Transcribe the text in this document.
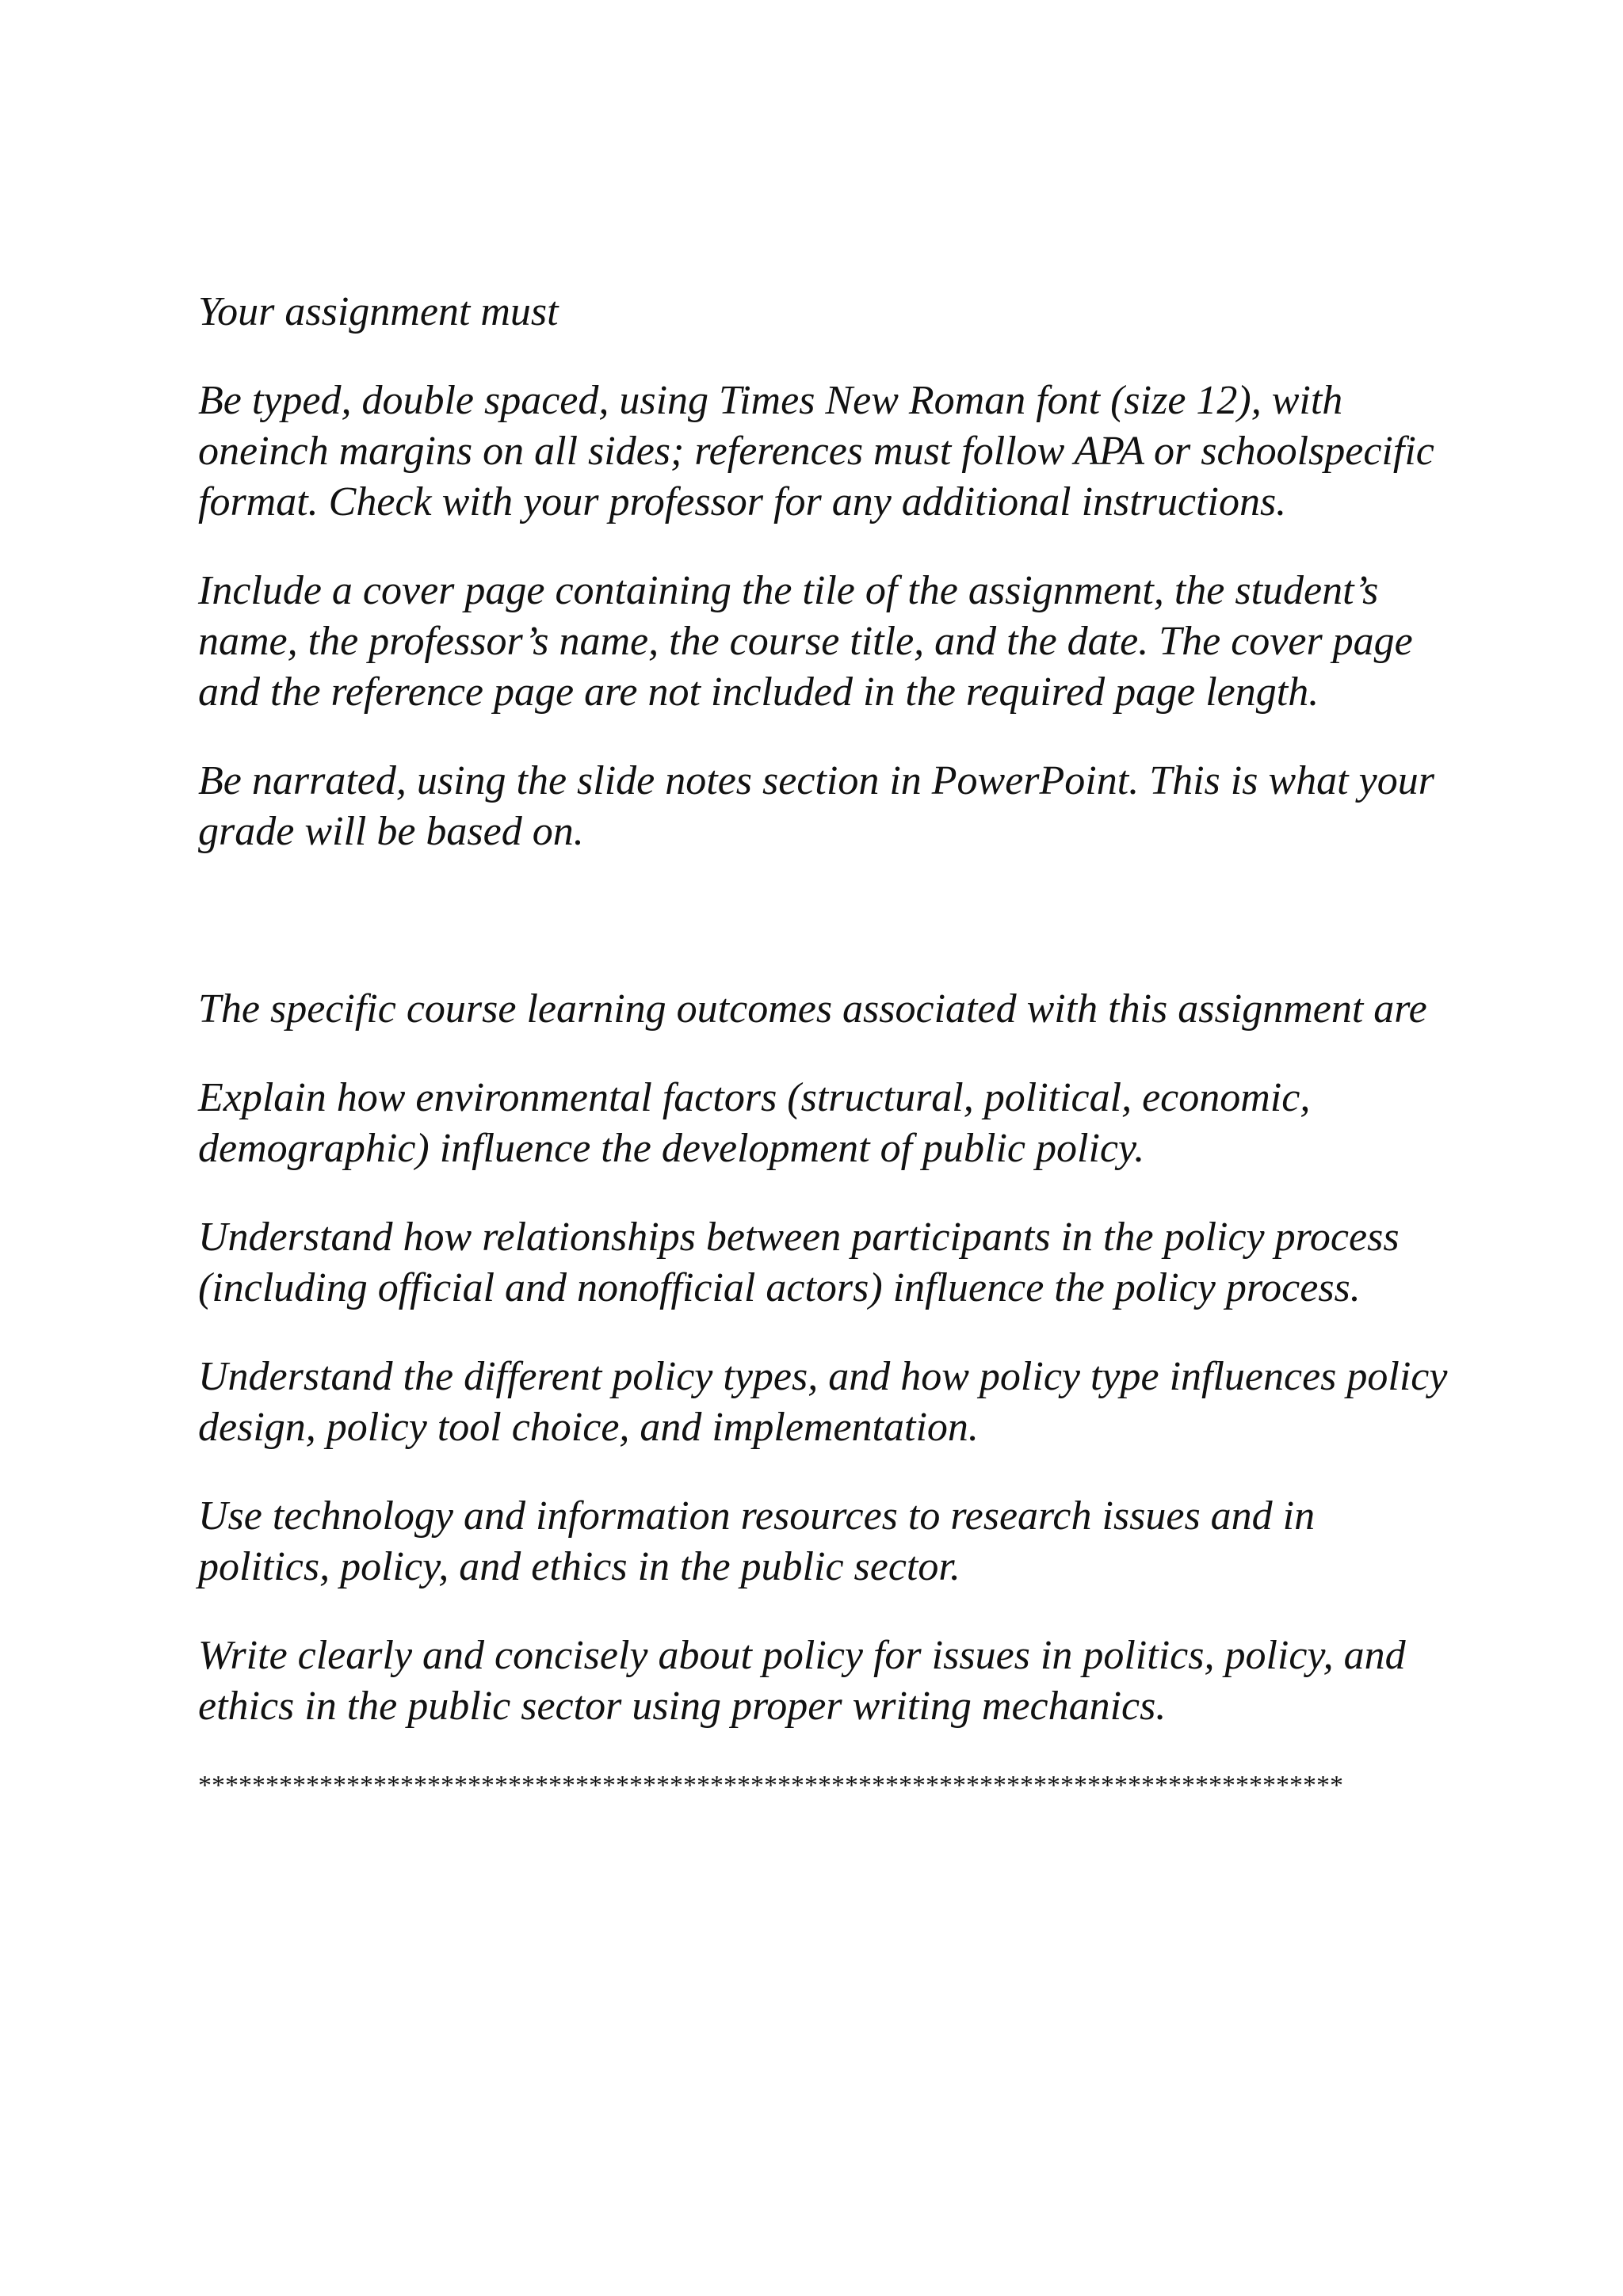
Your assignment must

Be typed, double spaced, using Times New Roman font (size 12), with oneinch margins on all sides; references must follow APA or schoolspecific format. Check with your professor for any additional instructions.

Include a cover page containing the tile of the assignment, the student’s name, the professor’s name, the course title, and the date. The cover page and the reference page are not included in the required page length.

Be narrated, using the slide notes section in PowerPoint. This is what your grade will be based on.

The specific course learning outcomes associated with this assignment are

Explain how environmental factors (structural, political, economic, demographic) influence the development of public policy.

Understand how relationships between participants in the policy process (including official and nonofficial actors) influence the policy process.

Understand the different policy types, and how policy type influences policy design, policy tool choice, and implementation.

Use technology and information resources to research issues and in politics, policy, and ethics in the public sector.

Write clearly and concisely about policy for issues in politics, policy, and ethics in the public sector using proper writing mechanics.

*************************************************************************************
